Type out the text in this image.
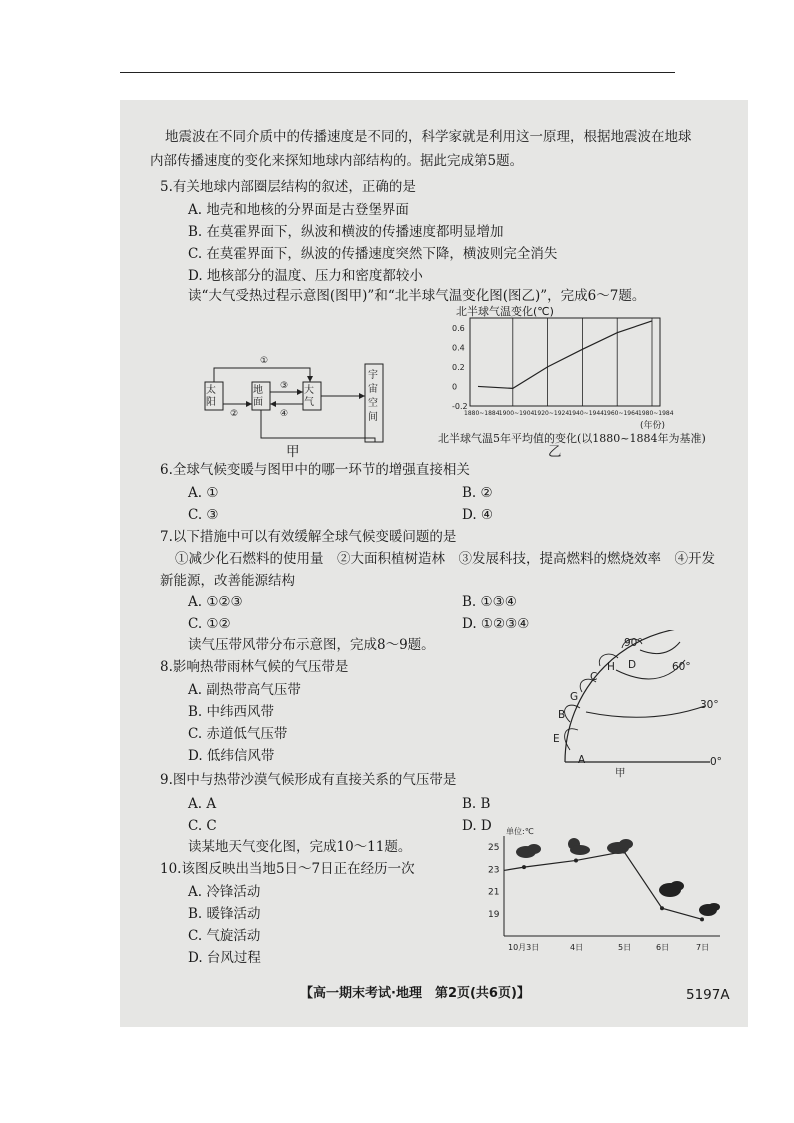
地震波在不同介质中的传播速度是不同的，科学家就是利用这一原理，根据地震波在地球
内部传播速度的变化来探知地球内部结构的。据此完成第5题。
5.有关地球内部圈层结构的叙述，正确的是
A. 地壳和地核的分界面是古登堡界面
B. 在莫霍界面下，纵波和横波的传播速度都明显增加
C. 在莫霍界面下，纵波的传播速度突然下降，横波则完全消失
D. 地核部分的温度、压力和密度都较小
读“大气受热过程示意图(图甲)”和“北半球气温变化图(图乙)”，完成6～7题。
太
阳
地
面
大
气
宇
宙
空
间
①
②
③
④
甲
北半球气温变化(℃)
0.6
0.4
0.2
0
-0.2
1880~1884 1900~1904 1920~1924 1940~1944 1960~1964 1980~1984
(年份)
北半球气温5年平均值的变化(以1880~1884年为基准)
乙
6.全球气候变暖与图甲中的哪一环节的增强直接相关
A. ①	B. ②
C. ③	D. ④
7.以下措施中可以有效缓解全球气候变暖问题的是
①减少化石燃料的使用量　②大面积植树造林　③发展科技，提高燃料的燃烧效率　④开发
新能源，改善能源结构
A. ①②③	B. ①③④
C. ①②	D. ①②③④
读气压带风带分布示意图，完成8～9题。
8.影响热带雨林气候的气压带是
A. 副热带高气压带
B. 中纬西风带
C. 赤道低气压带
D. 低纬信风带
90°
60°
30°
0°
A
B
C
D
E
G
H
甲
9.图中与热带沙漠气候形成有直接关系的气压带是
A. A	B. B
C. C	D. D
读某地天气变化图，完成10～11题。
10.该图反映出当地5日～7日正在经历一次
A. 冷锋活动
B. 暖锋活动
C. 气旋活动
D. 台风过程
单位:℃
25
23
21
19
10月3日	4日	5日	6日	7日
【高一期末考试·地理　第2页(共6页)】	5197A
